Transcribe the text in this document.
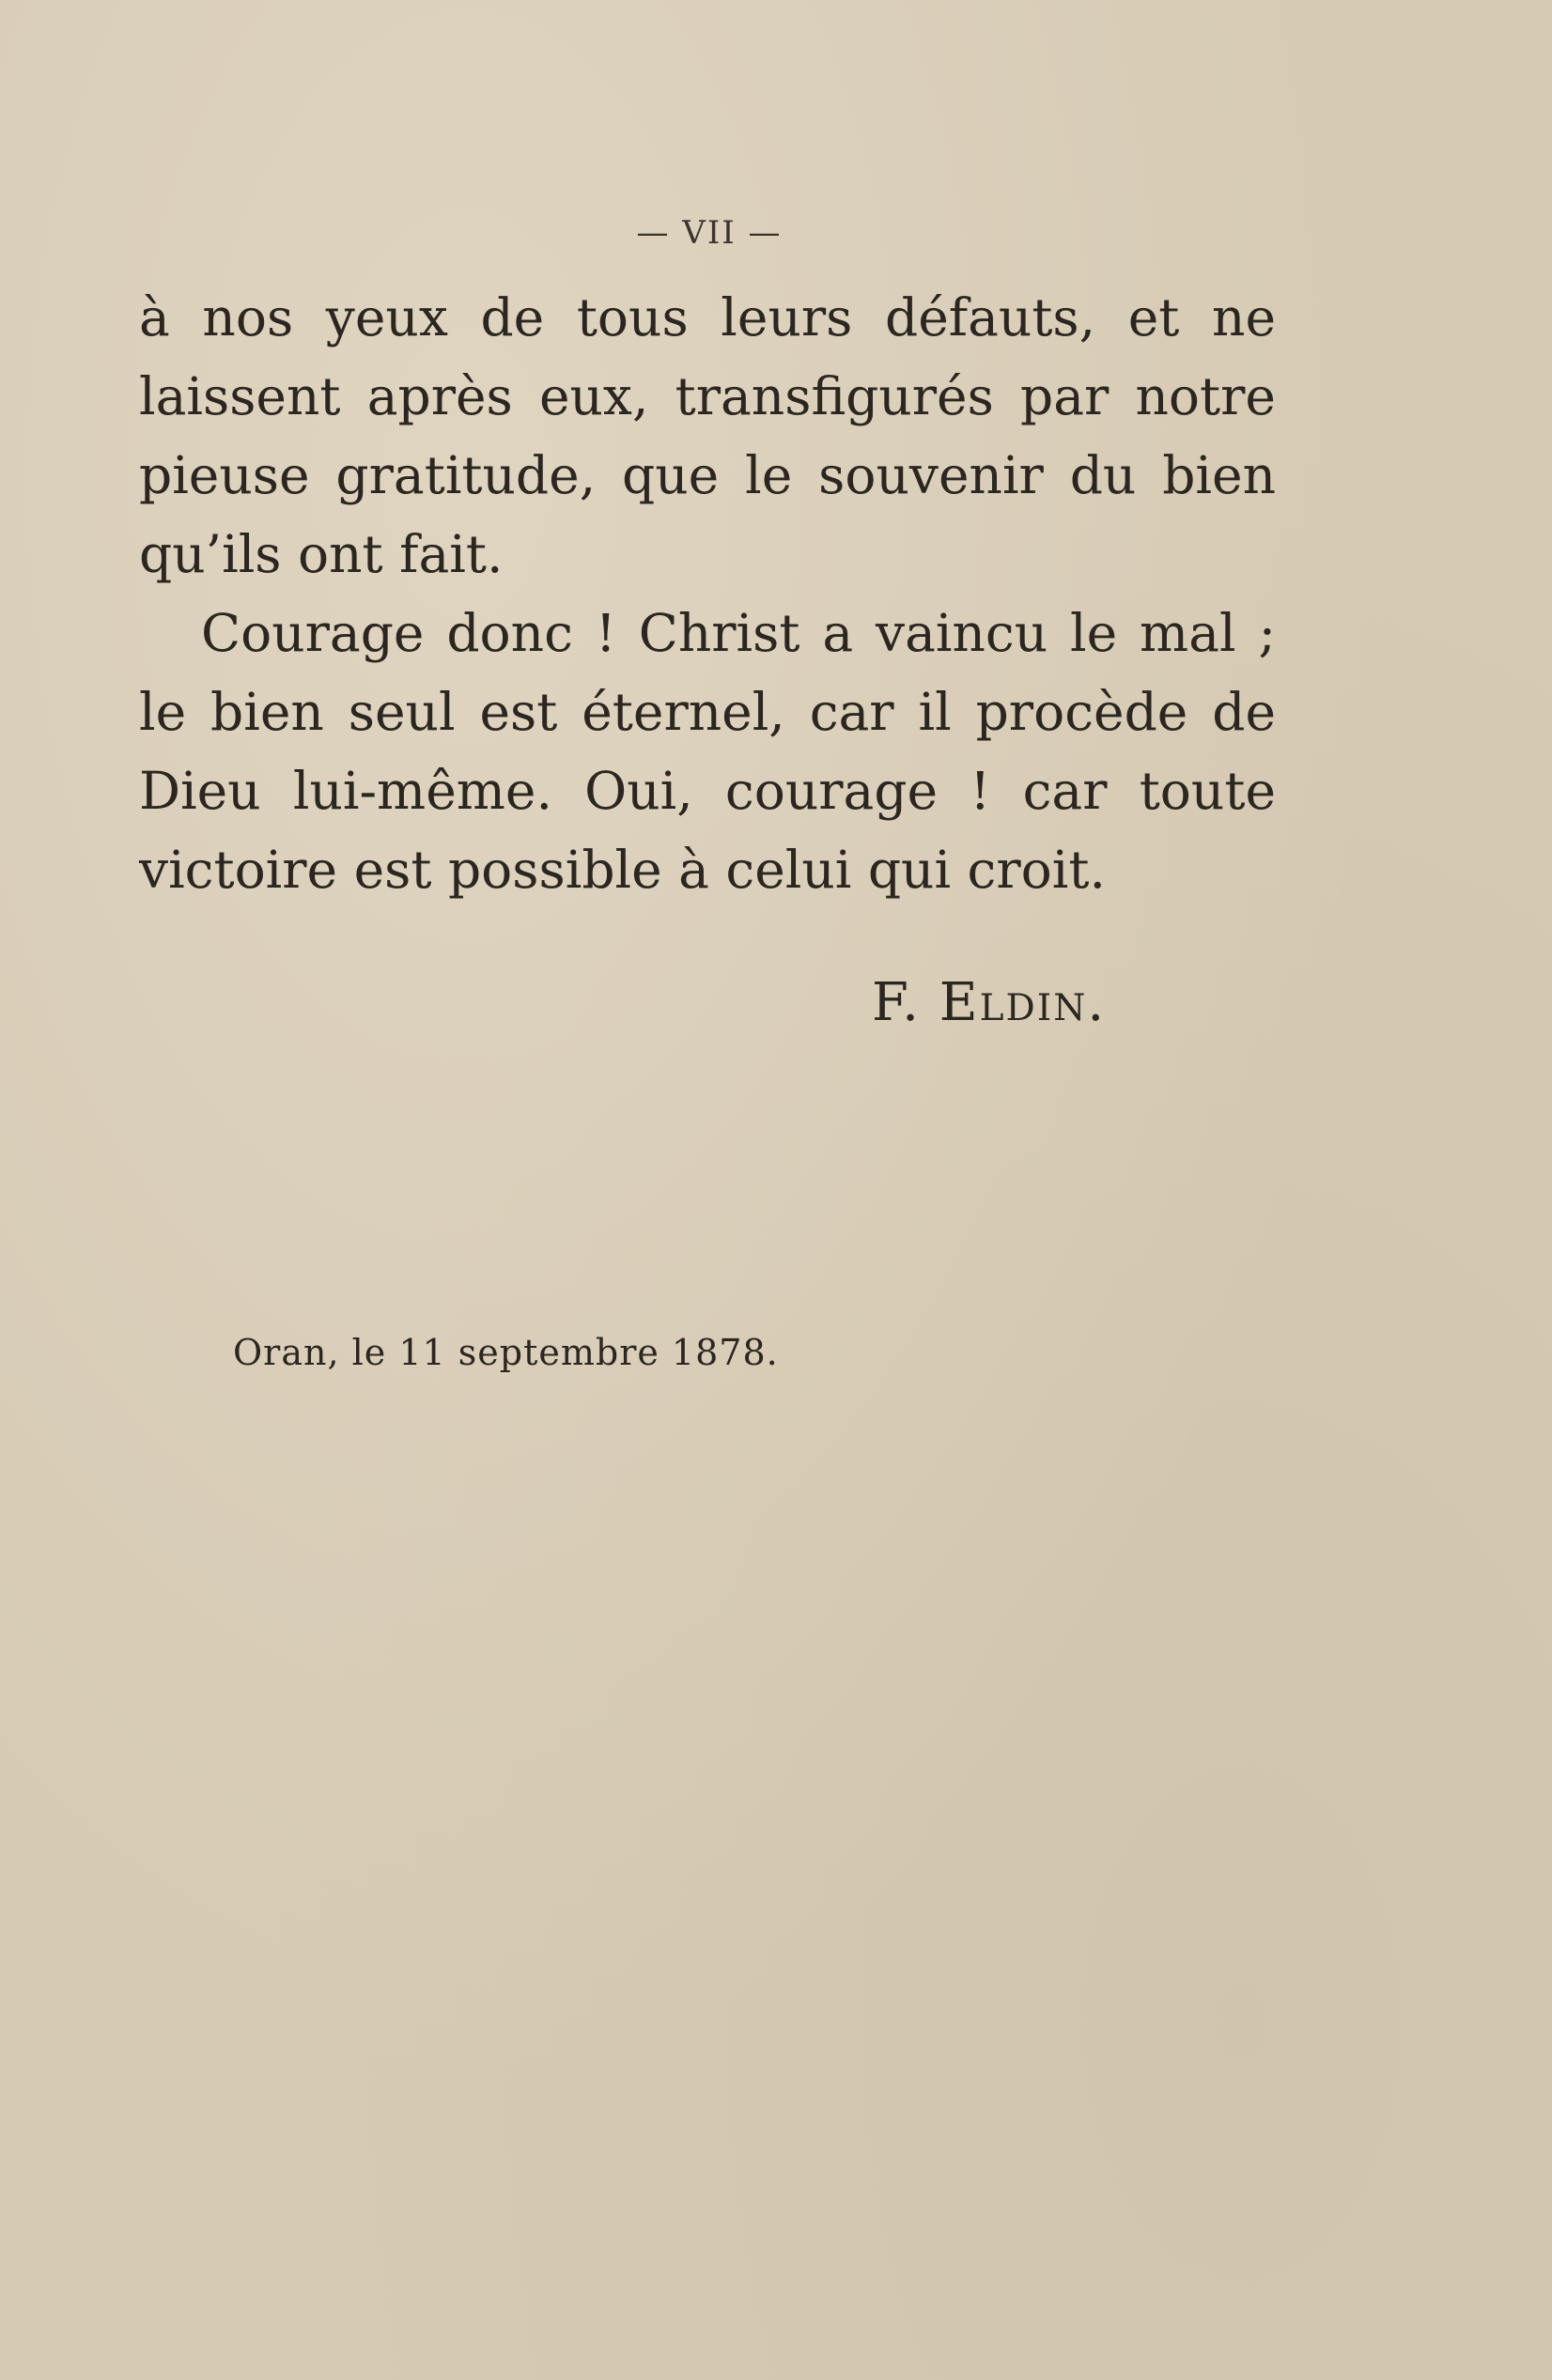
— VII —

à nos yeux de tous leurs défauts, et ne laissent après eux, transfigurés par notre pieuse gratitude, que le souvenir du bien qu’ils ont fait.

Courage donc ! Christ a vaincu le mal ; le bien seul est éternel, car il procède de Dieu lui-même. Oui, courage ! car toute victoire est possible à celui qui croit.

F. Eldin.
Oran, le 11 septembre 1878.
